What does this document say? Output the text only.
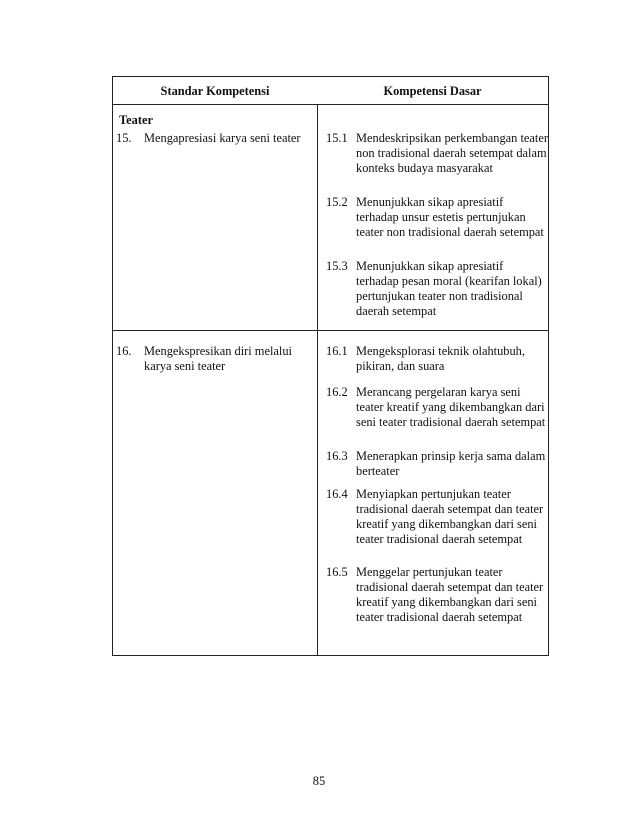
Standar Kompetensi	Kompetensi Dasar
Teater
15. Mengapresiasi karya seni teater	15.1 Mendeskripsikan perkembangan teater non tradisional daerah setempat dalam konteks budaya masyarakat
15.2 Menunjukkan sikap apresiatif terhadap unsur estetis pertunjukan teater non tradisional daerah setempat
15.3 Menunjukkan sikap apresiatif terhadap pesan moral (kearifan lokal) pertunjukan teater non tradisional daerah setempat
16. Mengekspresikan diri melalui karya seni teater
16.1 Mengeksplorasi teknik olahtubuh, pikiran, dan suara
16.2 Merancang pergelaran karya seni teater kreatif yang dikembangkan dari seni teater tradisional daerah setempat
16.3 Menerapkan prinsip kerja sama dalam berteater
16.4 Menyiapkan pertunjukan teater tradisional daerah setempat dan teater kreatif yang dikembangkan dari seni teater tradisional daerah setempat
16.5 Menggelar pertunjukan teater tradisional daerah setempat dan teater kreatif yang dikembangkan dari seni teater tradisional daerah setempat
85
